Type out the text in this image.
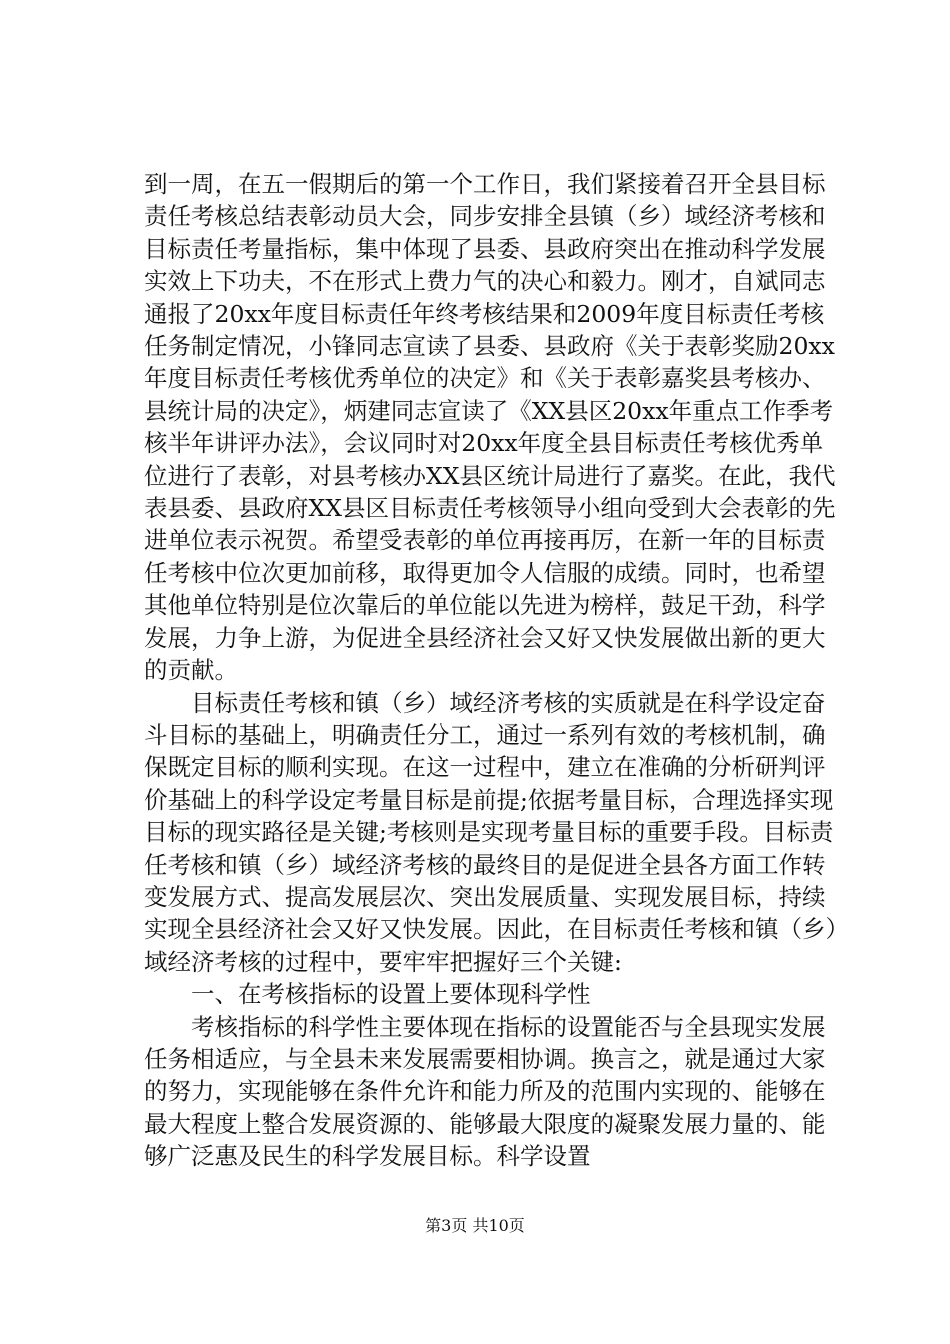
到一周，在五一假期后的第一个工作日，我们紧接着召开全县目标责任考核总结表彰动员大会，同步安排全县镇（乡）域经济考核和目标责任考量指标，集中体现了县委、县政府突出在推动科学发展实效上下功夫，不在形式上费力气的决心和毅力。刚才，自斌同志通报了20xx年度目标责任年终考核结果和2009年度目标责任考核任务制定情况，小锋同志宣读了县委、县政府《关于表彰奖励20xx年度目标责任考核优秀单位的决定》和《关于表彰嘉奖县考核办、县统计局的决定》，炳建同志宣读了《XX县区20xx年重点工作季考核半年讲评办法》，会议同时对20xx年度全县目标责任考核优秀单位进行了表彰，对县考核办XX县区统计局进行了嘉奖。在此，我代表县委、县政府XX县区目标责任考核领导小组向受到大会表彰的先进单位表示祝贺。希望受表彰的单位再接再厉，在新一年的目标责任考核中位次更加前移，取得更加令人信服的成绩。同时，也希望其他单位特别是位次靠后的单位能以先进为榜样，鼓足干劲，科学发展，力争上游，为促进全县经济社会又好又快发展做出新的更大的贡献。

目标责任考核和镇（乡）域经济考核的实质就是在科学设定奋斗目标的基础上，明确责任分工，通过一系列有效的考核机制，确保既定目标的顺利实现。在这一过程中，建立在准确的分析研判评价基础上的科学设定考量目标是前提;依据考量目标，合理选择实现目标的现实路径是关键;考核则是实现考量目标的重要手段。目标责任考核和镇（乡）域经济考核的最终目的是促进全县各方面工作转变发展方式、提高发展层次、突出发展质量、实现发展目标，持续实现全县经济社会又好又快发展。因此，在目标责任考核和镇（乡）域经济考核的过程中，要牢牢把握好三个关键:

一、在考核指标的设置上要体现科学性

考核指标的科学性主要体现在指标的设置能否与全县现实发展任务相适应，与全县未来发展需要相协调。换言之，就是通过大家的努力，实现能够在条件允许和能力所及的范围内实现的、能够在最大程度上整合发展资源的、能够最大限度的凝聚发展力量的、能够广泛惠及民生的科学发展目标。科学设置

第3页 共10页
